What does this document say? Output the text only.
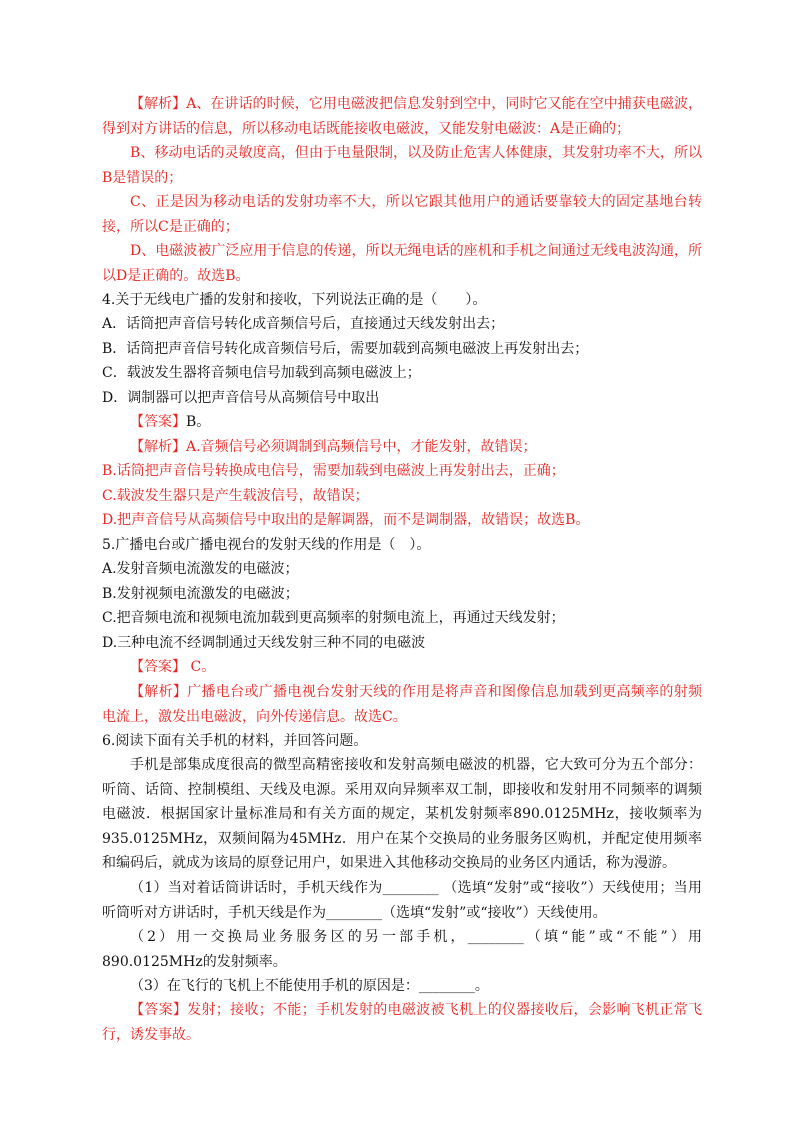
【解析】A、在讲话的时候，它用电磁波把信息发射到空中，同时它又能在空中捕获电磁波，得到对方讲话的信息，所以移动电话既能接收电磁波，又能发射电磁波：A是正确的；
B、移动电话的灵敏度高，但由于电量限制，以及防止危害人体健康，其发射功率不大，所以B是错误的；
C、正是因为移动电话的发射功率不大，所以它跟其他用户的通话要靠较大的固定基地台转接，所以C是正确的；
D、电磁波被广泛应用于信息的传递，所以无绳电话的座机和手机之间通过无线电波沟通，所以D是正确的。故选B。
4.关于无线电广播的发射和接收，下列说法正确的是（　　）。
A．话筒把声音信号转化成音频信号后，直接通过天线发射出去；
B．话筒把声音信号转化成音频信号后，需要加载到高频电磁波上再发射出去；
C．载波发生器将音频电信号加载到高频电磁波上；
D．调制器可以把声音信号从高频信号中取出
【答案】B。
【解析】A.音频信号必须调制到高频信号中，才能发射，故错误；
B.话筒把声音信号转换成电信号，需要加载到电磁波上再发射出去，正确；
C.载波发生器只是产生载波信号，故错误；
D.把声音信号从高频信号中取出的是解调器，而不是调制器，故错误；故选B。
5.广播电台或广播电视台的发射天线的作用是（　）。
A.发射音频电流激发的电磁波；
B.发射视频电流激发的电磁波；
C.把音频电流和视频电流加载到更高频率的射频电流上，再通过天线发射；
D.三种电流不经调制通过天线发射三种不同的电磁波
【答案】 C。
【解析】广播电台或广播电视台发射天线的作用是将声音和图像信息加载到更高频率的射频电流上，激发出电磁波，向外传递信息。故选C。
6.阅读下面有关手机的材料，并回答问题。
手机是部集成度很高的微型高精密接收和发射高频电磁波的机器，它大致可分为五个部分：听筒、话筒、控制模组、天线及电源。采用双向异频率双工制，即接收和发射用不同频率的调频电磁波．根据国家计量标准局和有关方面的规定，某机发射频率890.0125MHz，接收频率为935.0125MHz，双频间隔为45MHz．用户在某个交换局的业务服务区购机，并配定使用频率和编码后，就成为该局的原登记用户，如果进入其他移动交换局的业务区内通话，称为漫游。
（1）当对着话筒讲话时，手机天线作为________ （选填“发射”或“接收”）天线使用；当用听筒听对方讲话时，手机天线是作为________（选填“发射”或“接收”）天线使用。
（2）用一交换局业务服务区的另一部手机，________（填“能”或“不能”）用890.0125MHz的发射频率。
（3）在飞行的飞机上不能使用手机的原因是：________。
【答案】发射；接收；不能；手机发射的电磁波被飞机上的仪器接收后，会影响飞机正常飞行，诱发事故。
